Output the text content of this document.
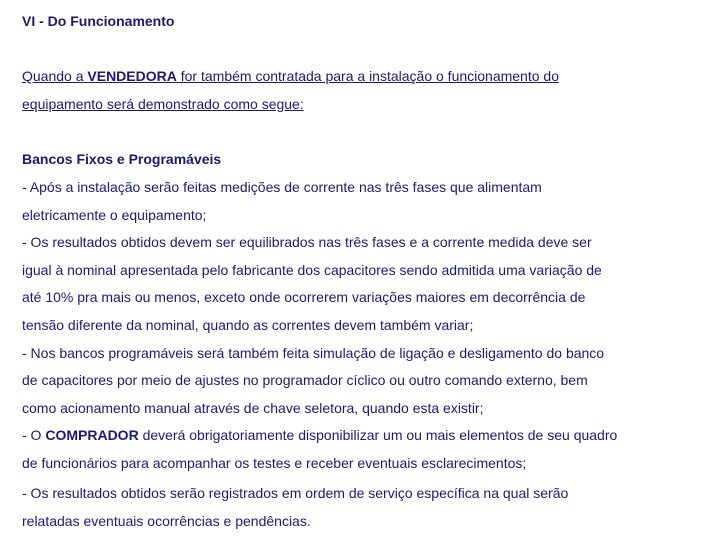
VI - Do Funcionamento
Quando a VENDEDORA for também contratada para a instalação o funcionamento do
equipamento será demonstrado como segue:
Bancos Fixos e Programáveis
- Após a instalação serão feitas medições de corrente nas três fases que alimentam
eletricamente o equipamento;
- Os resultados obtidos devem ser equilibrados nas três fases e a corrente medida deve ser
igual à nominal apresentada pelo fabricante dos capacitores sendo admitida uma variação de
até 10% pra mais ou menos, exceto onde ocorrerem variações maiores em decorrência de
tensão diferente da nominal, quando as correntes devem também variar;
- Nos bancos programáveis será também feita simulação de ligação e desligamento do banco
de capacitores por meio de ajustes no programador cíclico ou outro comando externo, bem
como acionamento manual através de chave seletora, quando esta existir;
- O COMPRADOR deverá obrigatoriamente disponibilizar um ou mais elementos de seu quadro
de funcionários para acompanhar os testes e receber eventuais esclarecimentos;
- Os resultados obtidos serão registrados em ordem de serviço específica na qual serão
relatadas eventuais ocorrências e pendências.
